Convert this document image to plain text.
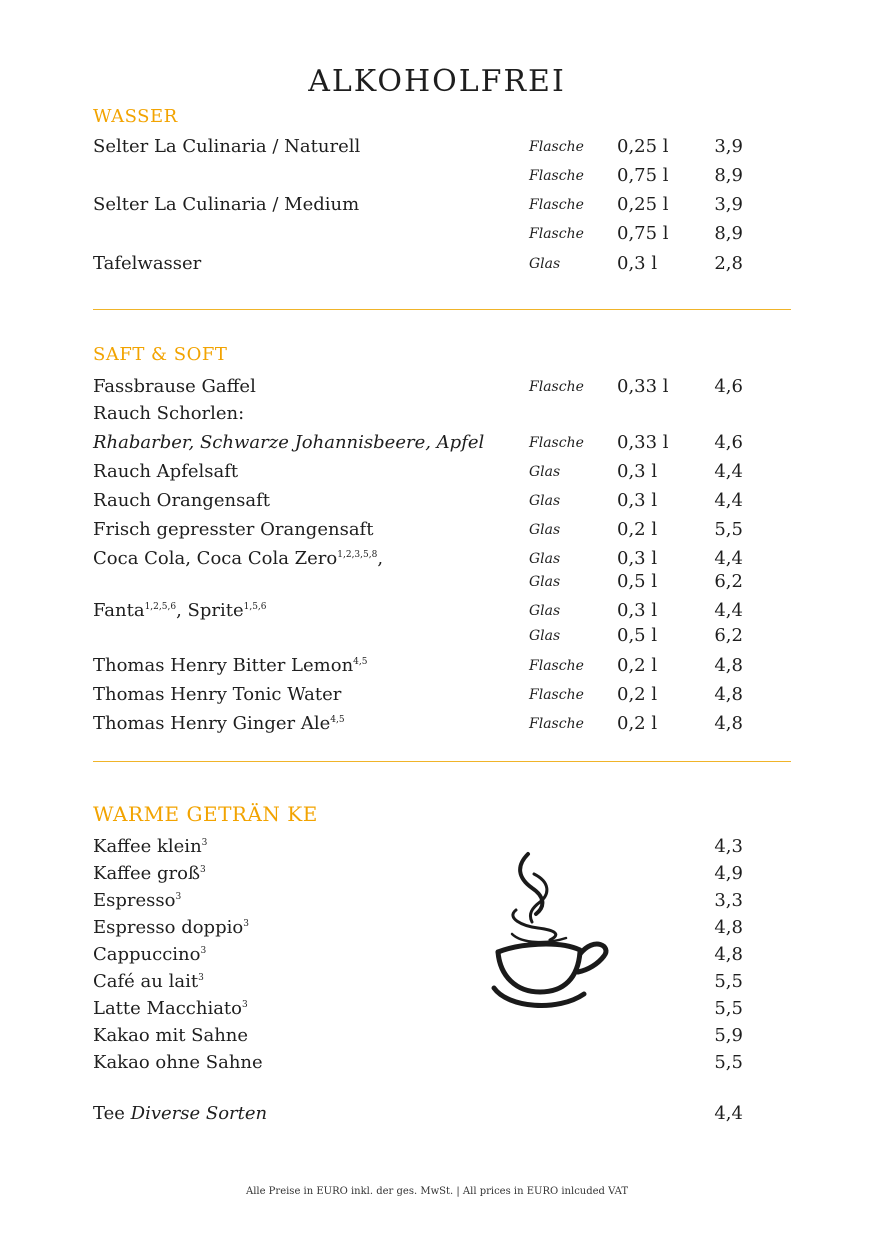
ALKOHOLFREI
WASSER
Selter La Culinaria / Naturell	Flasche 0,25 l	3,9
Flasche 0,75 l	8,9
Selter La Culinaria / Medium	Flasche 0,25 l	3,9
Flasche 0,75 l	8,9
Tafelwasser	Glas	0,3 l	2,8
SAFT & SOFT
Fassbrause Gaffel	Flasche 0,33 l	4,6
Rauch Schorlen:
Rhabarber, Schwarze Johannisbeere, Apfel	Flasche 0,33 l	4,6
Rauch Apfelsaft	Glas	0,3 l	4,4
Rauch Orangensaft	Glas	0,3 l	4,4
Frisch gepresster Orangensaft	Glas	0,2 l	5,5
Coca Cola, Coca Cola Zero$^{1,2,3,5,8}$,	Glas	0,3 l	4,4
Glas	0,5 l	6,2
Fanta$^{1,2,5,6}$, Sprite$^{1,5,6}$	Glas	0,3 l	4,4
Glas	0,5 l	6,2
Thomas Henry Bitter Lemon$^{4,5}$	Flasche 0,2 l	4,8
Thomas Henry Tonic Water	Flasche 0,2 l	4,8
Thomas Henry Ginger Ale$^{4,5}$	Flasche 0,2 l	4,8
WARME GETRÄN KE
Kaffee klein$^3$	4,3
Kaffee groß$^3$	4,9
Espresso$^3$	3,3
Espresso doppio$^3$	4,8
Cappuccino$^3$	4,8
Café au lait$^3$	5,5
Latte Macchiato$^3$	5,5
Kakao mit Sahne	5,9
Kakao ohne Sahne	5,5
Tee Diverse Sorten	4,4
Alle Preise in EURO inkl. der ges. MwSt. | All prices in EURO inlcuded VAT
